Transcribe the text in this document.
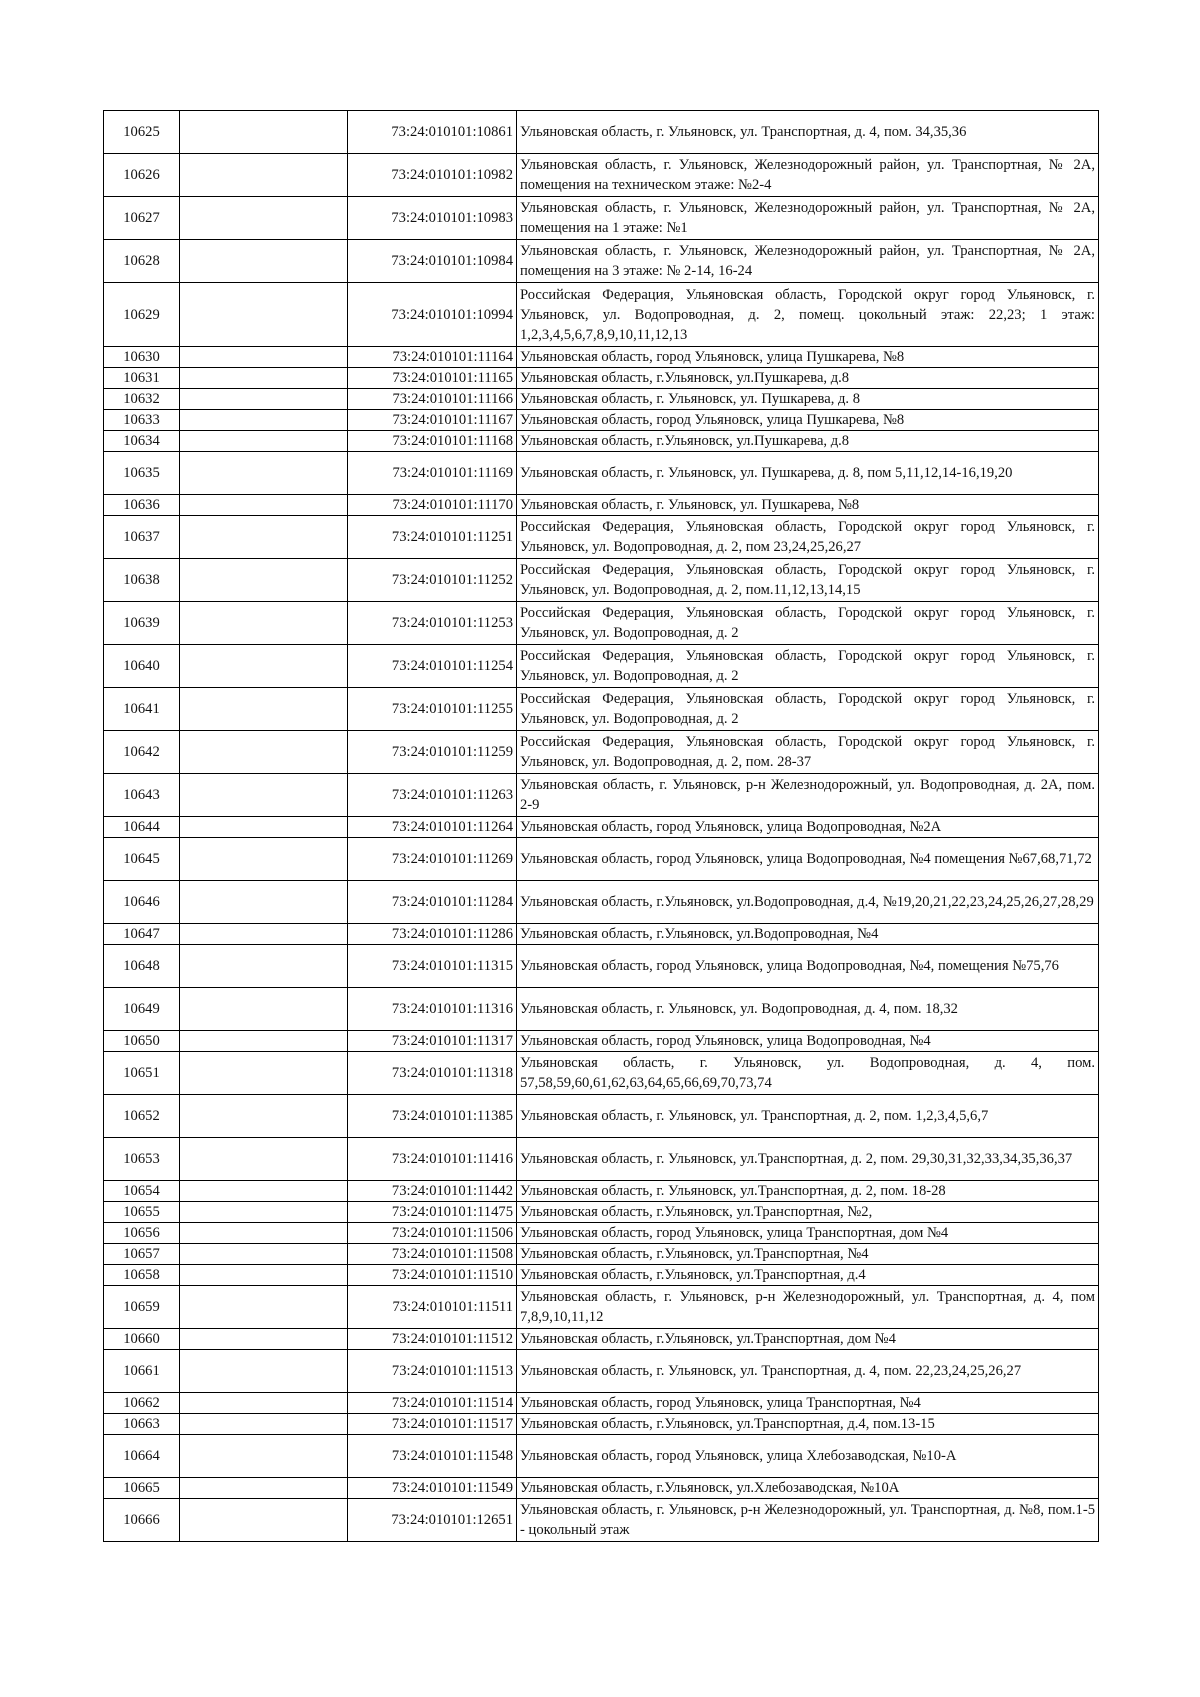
10625		73:24:010101:10861	Ульяновская область, г. Ульяновск, ул. Транспортная, д. 4, пом. 34,35,36
10626		73:24:010101:10982	Ульяновская область, г. Ульяновск, Железнодорожный район, ул. Транспортная, № 2А, помещения на техническом этаже: №2-4
10627		73:24:010101:10983	Ульяновская область, г. Ульяновск, Железнодорожный район, ул. Транспортная, № 2А, помещения на 1 этаже: №1
10628		73:24:010101:10984	Ульяновская область, г. Ульяновск, Железнодорожный район, ул. Транспортная, № 2А, помещения на 3 этаже: № 2-14, 16-24
10629		73:24:010101:10994	Российская Федерация, Ульяновская область, Городской округ город Ульяновск, г. Ульяновск, ул. Водопроводная, д. 2, помещ. цокольный этаж: 22,23; 1 этаж: 1,2,3,4,5,6,7,8,9,10,11,12,13
10630		73:24:010101:11164	Ульяновская область, город Ульяновск, улица Пушкарева, №8
10631		73:24:010101:11165	Ульяновская область, г.Ульяновск, ул.Пушкарева, д.8
10632		73:24:010101:11166	Ульяновская область, г. Ульяновск, ул. Пушкарева, д. 8
10633		73:24:010101:11167	Ульяновская область, город Ульяновск, улица Пушкарева, №8
10634		73:24:010101:11168	Ульяновская область, г.Ульяновск, ул.Пушкарева, д.8
10635		73:24:010101:11169	Ульяновская область, г. Ульяновск, ул. Пушкарева, д. 8, пом 5,11,12,14-16,19,20
10636		73:24:010101:11170	Ульяновская область, г. Ульяновск, ул. Пушкарева, №8
10637		73:24:010101:11251	Российская Федерация, Ульяновская область, Городской округ город Ульяновск, г. Ульяновск, ул. Водопроводная, д. 2, пом 23,24,25,26,27
10638		73:24:010101:11252	Российская Федерация, Ульяновская область, Городской округ город Ульяновск, г. Ульяновск, ул. Водопроводная, д. 2, пом.11,12,13,14,15
10639		73:24:010101:11253	Российская Федерация, Ульяновская область, Городской округ город Ульяновск, г. Ульяновск, ул. Водопроводная, д. 2
10640		73:24:010101:11254	Российская Федерация, Ульяновская область, Городской округ город Ульяновск, г. Ульяновск, ул. Водопроводная, д. 2
10641		73:24:010101:11255	Российская Федерация, Ульяновская область, Городской округ город Ульяновск, г. Ульяновск, ул. Водопроводная, д. 2
10642		73:24:010101:11259	Российская Федерация, Ульяновская область, Городской округ город Ульяновск, г. Ульяновск, ул. Водопроводная, д. 2, пом. 28-37
10643		73:24:010101:11263	Ульяновская область, г. Ульяновск, р-н Железнодорожный, ул. Водопроводная, д. 2А, пом. 2-9
10644		73:24:010101:11264	Ульяновская область, город Ульяновск, улица Водопроводная, №2А
10645		73:24:010101:11269	Ульяновская область, город Ульяновск, улица Водопроводная, №4 помещения №67,68,71,72
10646		73:24:010101:11284	Ульяновская область, г.Ульяновск, ул.Водопроводная, д.4, №19,20,21,22,23,24,25,26,27,28,29
10647		73:24:010101:11286	Ульяновская область, г.Ульяновск, ул.Водопроводная, №4
10648		73:24:010101:11315	Ульяновская область, город Ульяновск, улица Водопроводная, №4, помещения №75,76
10649		73:24:010101:11316	Ульяновская область, г. Ульяновск, ул. Водопроводная, д. 4, пом. 18,32
10650		73:24:010101:11317	Ульяновская область, город Ульяновск, улица Водопроводная, №4
10651		73:24:010101:11318	Ульяновская область, г. Ульяновск, ул. Водопроводная, д. 4, пом. 57,58,59,60,61,62,63,64,65,66,69,70,73,74
10652		73:24:010101:11385	Ульяновская область, г. Ульяновск, ул. Транспортная, д. 2, пом. 1,2,3,4,5,6,7
10653		73:24:010101:11416	Ульяновская область, г. Ульяновск, ул.Транспортная, д. 2, пом. 29,30,31,32,33,34,35,36,37
10654		73:24:010101:11442	Ульяновская область, г. Ульяновск, ул.Транспортная, д. 2, пом. 18-28
10655		73:24:010101:11475	Ульяновская область, г.Ульяновск, ул.Транспортная, №2,
10656		73:24:010101:11506	Ульяновская область, город Ульяновск, улица Транспортная, дом №4
10657		73:24:010101:11508	Ульяновская область, г.Ульяновск, ул.Транспортная, №4
10658		73:24:010101:11510	Ульяновская область, г.Ульяновск, ул.Транспортная, д.4
10659		73:24:010101:11511	Ульяновская область, г. Ульяновск, р-н Железнодорожный, ул. Транспортная, д. 4, пом 7,8,9,10,11,12
10660		73:24:010101:11512	Ульяновская область, г.Ульяновск, ул.Транспортная, дом №4
10661		73:24:010101:11513	Ульяновская область, г. Ульяновск, ул. Транспортная, д. 4, пом. 22,23,24,25,26,27
10662		73:24:010101:11514	Ульяновская область, город Ульяновск, улица Транспортная, №4
10663		73:24:010101:11517	Ульяновская область, г.Ульяновск, ул.Транспортная, д.4, пом.13-15
10664		73:24:010101:11548	Ульяновская область, город Ульяновск, улица Хлебозаводская, №10-А
10665		73:24:010101:11549	Ульяновская область, г.Ульяновск, ул.Хлебозаводская, №10А
10666		73:24:010101:12651	Ульяновская область, г. Ульяновск, р-н Железнодорожный, ул. Транспортная, д. №8, пом.1-5 - цокольный этаж
